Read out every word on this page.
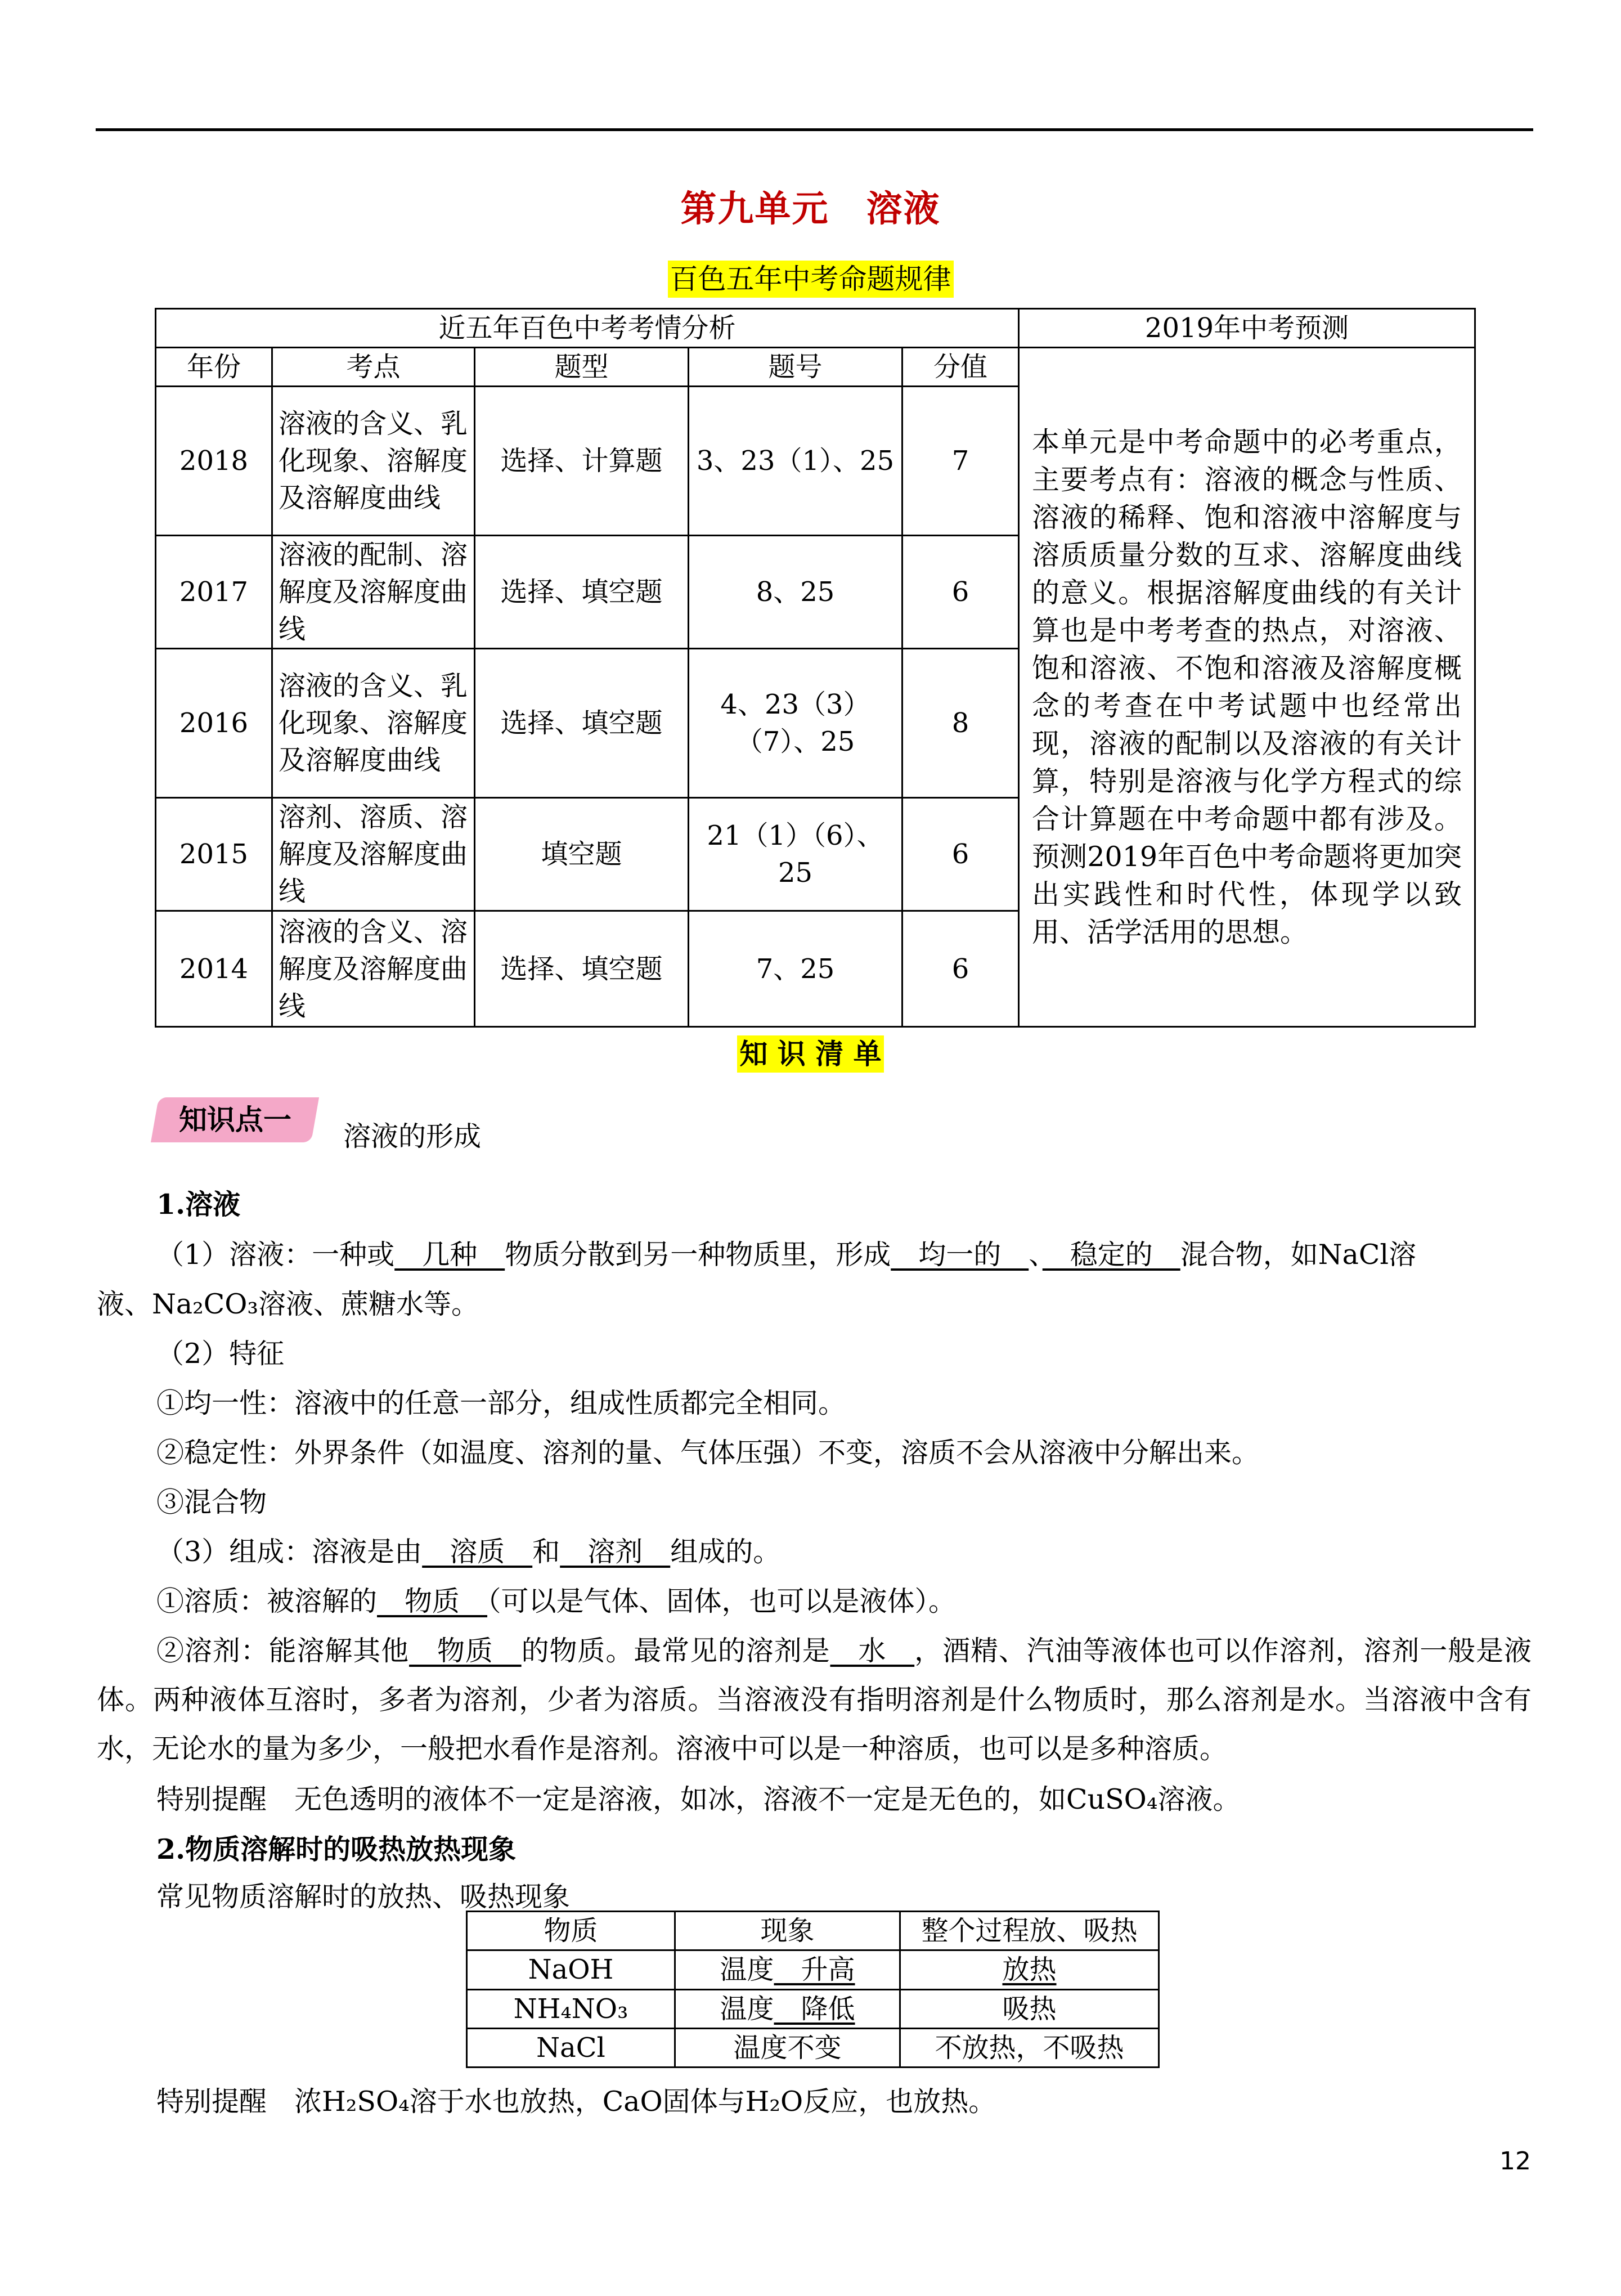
第九单元　溶液
百色五年中考命题规律
近五年百色中考考情分析					2019年中考预测
年份	考点	题型	题号	分值	本单元是中考命题中的必考重点，主要考点有：溶液的概念与性质、溶液的稀释、饱和溶液中溶解度与溶质质量分数的互求、溶解度曲线的意义。根据溶解度曲线的有关计算也是中考考查的热点，对溶液、饱和溶液、不饱和溶液及溶解度概念的考查在中考试题中也经常出现，溶液的配制以及溶液的有关计算，特别是溶液与化学方程式的综合计算题在中考命题中都有涉及。预测2019年百色中考命题将更加突出实践性和时代性，体现学以致用、活学活用的思想。
2018	溶液的含义、乳化现象、溶解度及溶解度曲线	选择、计算题	3、23（1）、25	7	
2017	溶液的配制、溶解度及溶解度曲线	选择、填空题	8、25	6	
2016	溶液的含义、乳化现象、溶解度及溶解度曲线	选择、填空题	4、23（3）（7）、25	8	
2015	溶剂、溶质、溶解度及溶解度曲线	填空题	21（1）（6）、25	6	
2014	溶液的含义、溶解度及溶解度曲线	选择、填空题	7、25	6	
知 识 清 单
知识点一
溶液的形成
1.溶液
（1）溶液：一种或　几种　物质分散到另一种物质里，形成　均一的　、　稳定的　混合物，如NaCl溶
液、Na₂CO₃溶液、蔗糖水等。
（2）特征
①均一性：溶液中的任意一部分，组成性质都完全相同。
②稳定性：外界条件（如温度、溶剂的量、气体压强）不变，溶质不会从溶液中分解出来。
③混合物
（3）组成：溶液是由　溶质　和　溶剂　组成的。
①溶质：被溶解的　物质　（可以是气体、固体，也可以是液体）。
②溶剂：能溶解其他　物质　的物质。最常见的溶剂是　水　，酒精、汽油等液体也可以作溶剂，溶剂一般是液体。两种液体互溶时，多者为溶剂，少者为溶质。当溶液没有指明溶剂是什么物质时，那么溶剂是水。当溶液中含有水，无论水的量为多少，一般把水看作是溶剂。溶液中可以是一种溶质，也可以是多种溶质。
特别提醒　 无色透明的液体不一定是溶液，如冰，溶液不一定是无色的，如CuSO₄溶液。
2.物质溶解时的吸热放热现象
常见物质溶解时的放热、吸热现象
物质	现象	整个过程放、吸热
NaOH	温度　升高	放热
NH₄NO₃	温度　降低	吸热
NaCl	温度不变	不放热，不吸热
特别提醒　 浓H₂SO₄溶于水也放热，CaO固体与H₂O反应，也放热。
12
